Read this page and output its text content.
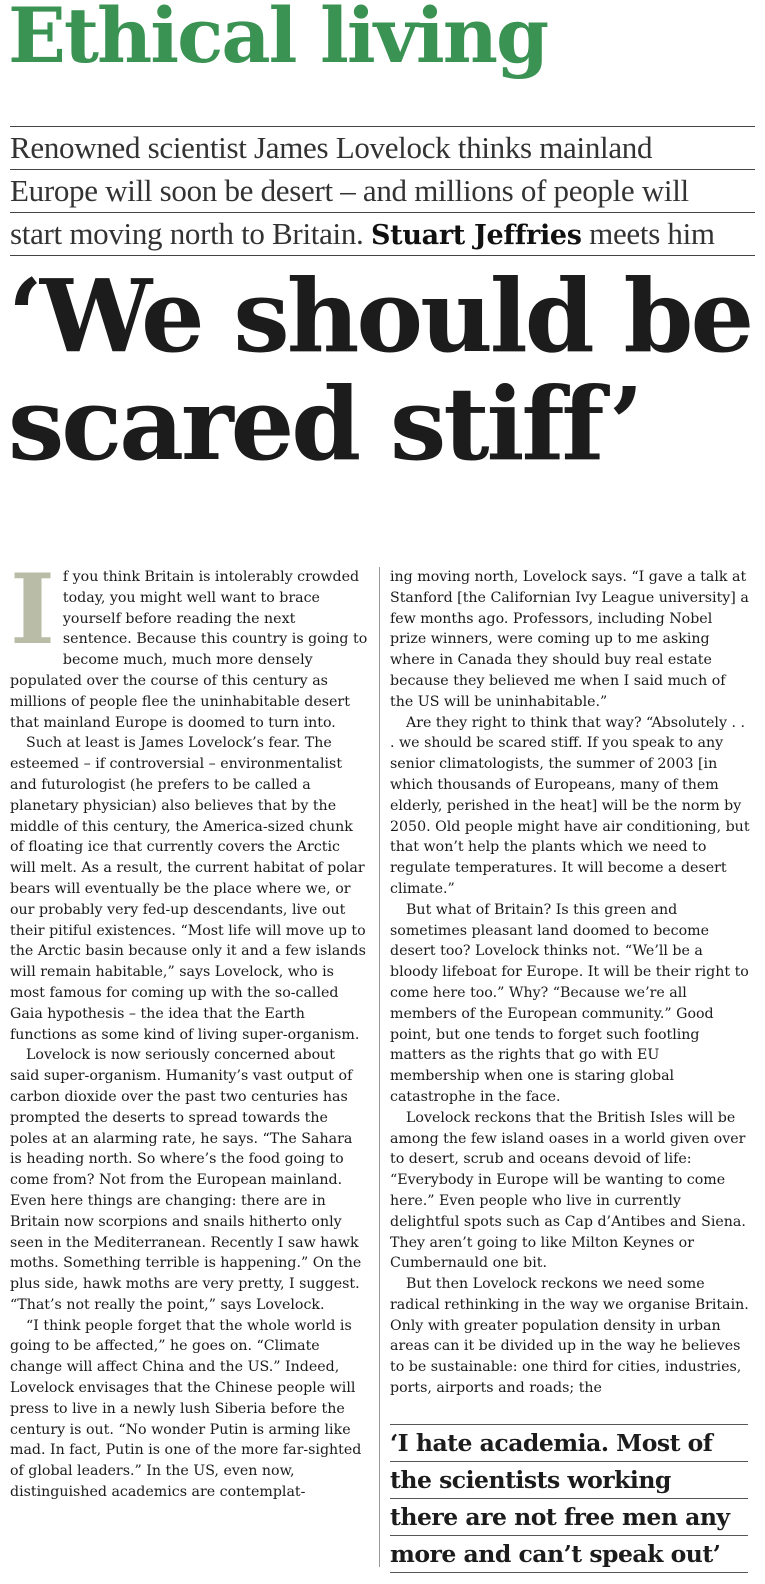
Ethical living
Renowned scientist James Lovelock thinks mainland
Europe will soon be desert – and millions of people will
start moving north to Britain. Stuart Jeffries meets him
‘We should be
scared stiff’

If you think Britain is intolerably crowded today, you might well want to brace yourself before reading the next sentence. Because this country is going to become much, much more densely populated over the course of this century as millions of people flee the uninhabitable desert that mainland Europe is doomed to turn into.

Such at least is James Lovelock’s fear. The esteemed – if controversial – environmentalist and futurologist (he prefers to be called a planetary physician) also believes that by the middle of this century, the America-sized chunk of floating ice that currently covers the Arctic will melt. As a result, the current habitat of polar bears will eventually be the place where we, or our probably very fed-up descendants, live out their pitiful existences. “Most life will move up to the Arctic basin because only it and a few islands will remain habitable,” says Lovelock, who is most famous for coming up with the so-called Gaia hypothesis – the idea that the Earth functions as some kind of living super-organism.

Lovelock is now seriously concerned about said super-organism. Humanity’s vast output of carbon dioxide over the past two centuries has prompted the deserts to spread towards the poles at an alarming rate, he says. “The Sahara is heading north. So where’s the food going to come from? Not from the European mainland. Even here things are changing: there are in Britain now scorpions and snails hitherto only seen in the Mediterranean. Recently I saw hawk moths. Something terrible is happening.” On the plus side, hawk moths are very pretty, I suggest. “That’s not really the point,” says Lovelock.

“I think people forget that the whole world is going to be affected,” he goes on. “Climate change will affect China and the US.” Indeed, Lovelock envisages that the Chinese people will press to live in a newly lush Siberia before the century is out. “No wonder Putin is arming like mad. In fact, Putin is one of the more far-sighted of global leaders.” In the US, even now, distinguished academics are contemplat-

ing moving north, Lovelock says. “I gave a talk at Stanford [the Californian Ivy League university] a few months ago. Professors, including Nobel prize winners, were coming up to me asking where in Canada they should buy real estate because they believed me when I said much of the US will be uninhabitable.”

Are they right to think that way? “Absolutely . . . we should be scared stiff. If you speak to any senior climatologists, the summer of 2003 [in which thousands of Europeans, many of them elderly, perished in the heat] will be the norm by 2050. Old people might have air conditioning, but that won’t help the plants which we need to regulate temperatures. It will become a desert climate.”

But what of Britain? Is this green and sometimes pleasant land doomed to become desert too? Lovelock thinks not. “We’ll be a bloody lifeboat for Europe. It will be their right to come here too.” Why? “Because we’re all members of the European community.” Good point, but one tends to forget such footling matters as the rights that go with EU membership when one is staring global catastrophe in the face.

Lovelock reckons that the British Isles will be among the few island oases in a world given over to desert, scrub and oceans devoid of life: “Everybody in Europe will be wanting to come here.” Even people who live in currently delightful spots such as Cap d’Antibes and Siena. They aren’t going to like Milton Keynes or Cumbernauld one bit.

But then Lovelock reckons we need some radical rethinking in the way we organise Britain. Only with greater population density in urban areas can it be divided up in the way he believes to be sustainable: one third for cities, industries, ports, airports and roads; the

‘I hate academia. Most of
the scientists working
there are not free men any
more and can’t speak out’
